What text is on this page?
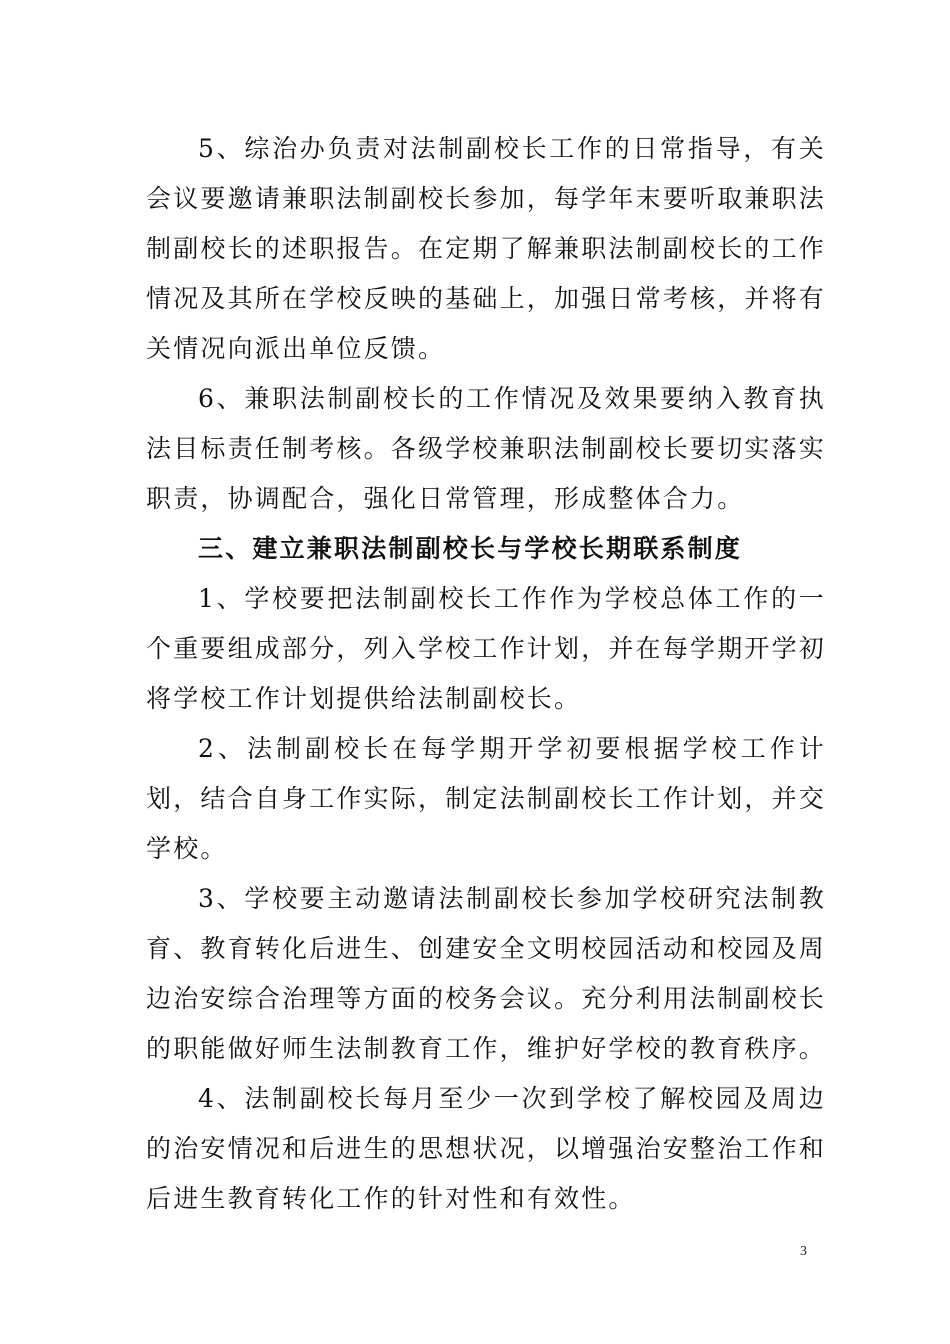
5、综治办负责对法制副校长工作的日常指导，有关会议要邀请兼职法制副校长参加，每学年末要听取兼职法制副校长的述职报告。在定期了解兼职法制副校长的工作情况及其所在学校反映的基础上，加强日常考核，并将有关情况向派出单位反馈。

6、兼职法制副校长的工作情况及效果要纳入教育执法目标责任制考核。各级学校兼职法制副校长要切实落实职责，协调配合，强化日常管理，形成整体合力。

三、建立兼职法制副校长与学校长期联系制度

1、学校要把法制副校长工作作为学校总体工作的一个重要组成部分，列入学校工作计划，并在每学期开学初将学校工作计划提供给法制副校长。

2、法制副校长在每学期开学初要根据学校工作计划，结合自身工作实际，制定法制副校长工作计划，并交学校。

3、学校要主动邀请法制副校长参加学校研究法制教育、教育转化后进生、创建安全文明校园活动和校园及周边治安综合治理等方面的校务会议。充分利用法制副校长的职能做好师生法制教育工作，维护好学校的教育秩序。

4、法制副校长每月至少一次到学校了解校园及周边的治安情况和后进生的思想状况，以增强治安整治工作和后进生教育转化工作的针对性和有效性。

3
